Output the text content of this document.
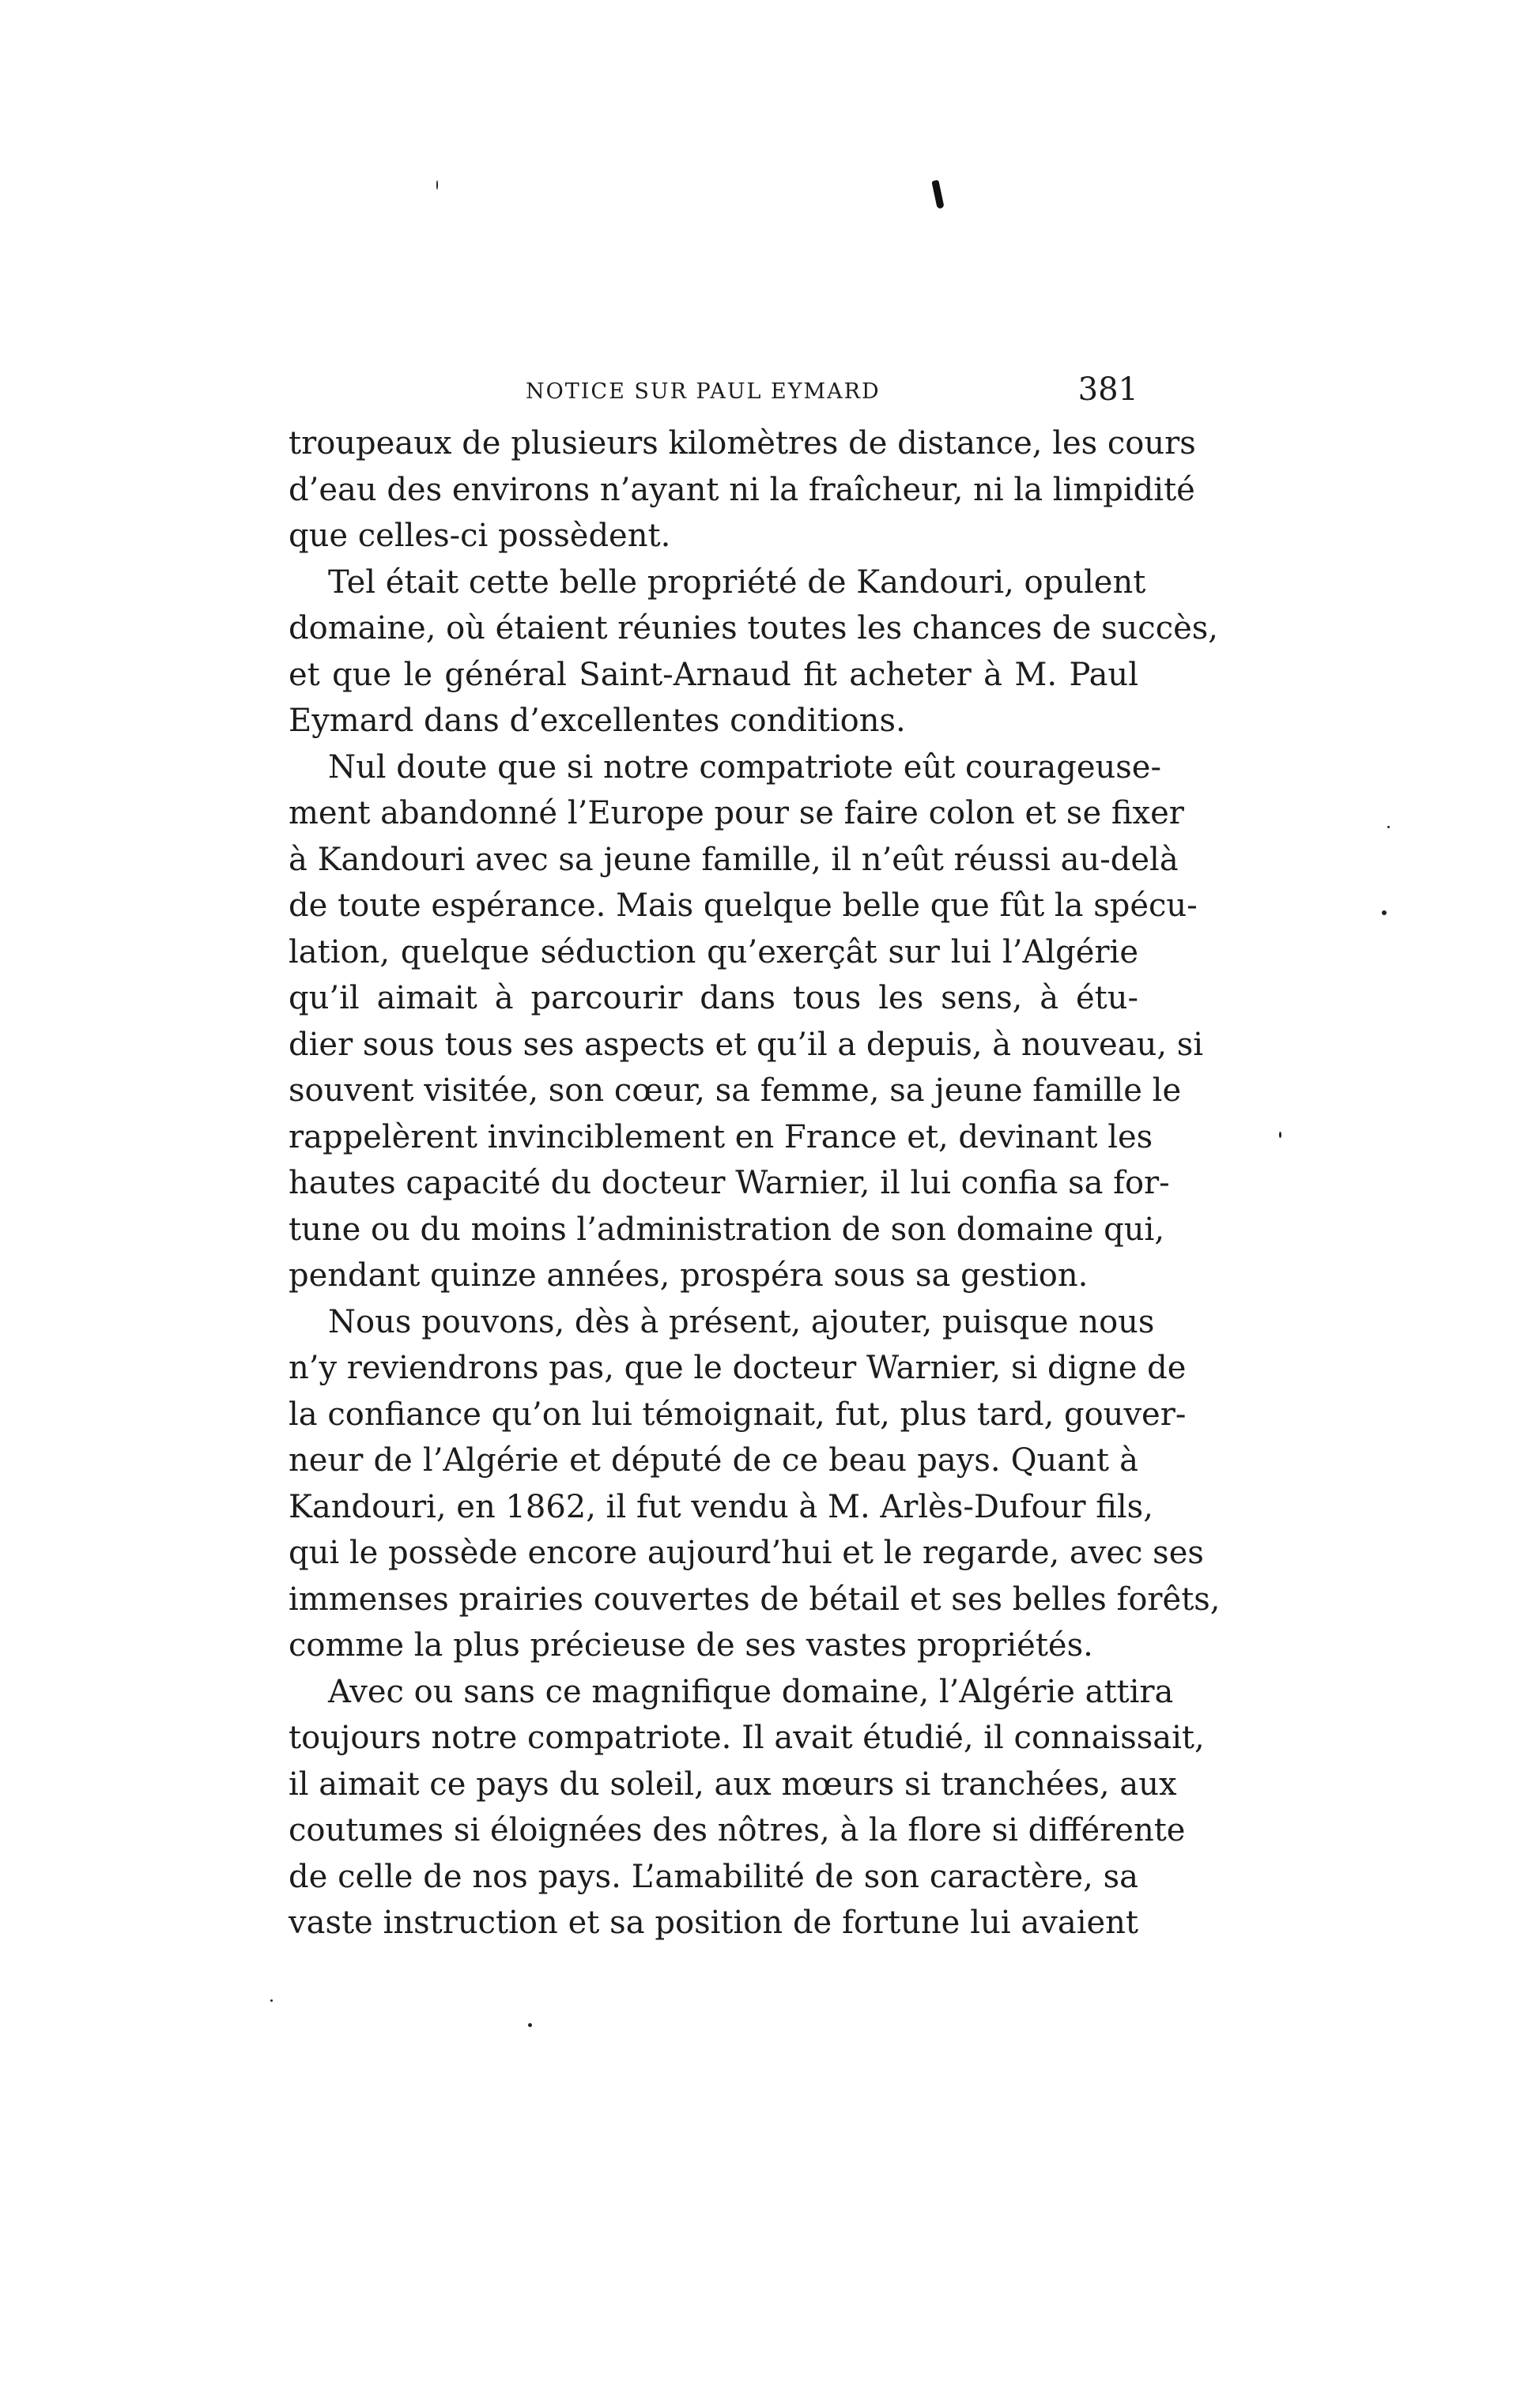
NOTICE SUR PAUL EYMARD	381
troupeaux de plusieurs kilomètres de distance, les cours
d’eau des environs n’ayant ni la fraîcheur, ni la limpidité
que celles-ci possèdent.
Tel était cette belle propriété de Kandouri, opulent
domaine, où étaient réunies toutes les chances de succès,
et que le général Saint-Arnaud fit acheter à M. Paul
Eymard dans d’excellentes conditions.
Nul doute que si notre compatriote eût courageuse-
ment abandonné l’Europe pour se faire colon et se fixer
à Kandouri avec sa jeune famille, il n’eût réussi au-delà
de toute espérance. Mais quelque belle que fût la spécu-
lation, quelque séduction qu’exerçât sur lui l’Algérie
qu’il aimait à parcourir dans tous les sens, à étu-
dier sous tous ses aspects et qu’il a depuis, à nouveau, si
souvent visitée, son cœur, sa femme, sa jeune famille le
rappelèrent invinciblement en France et, devinant les
hautes capacité du docteur Warnier, il lui confia sa for-
tune ou du moins l’administration de son domaine qui,
pendant quinze années, prospéra sous sa gestion.
Nous pouvons, dès à présent, ajouter, puisque nous
n’y reviendrons pas, que le docteur Warnier, si digne de
la confiance qu’on lui témoignait, fut, plus tard, gouver-
neur de l’Algérie et député de ce beau pays. Quant à
Kandouri, en 1862, il fut vendu à M. Arlès-Dufour fils,
qui le possède encore aujourd’hui et le regarde, avec ses
immenses prairies couvertes de bétail et ses belles forêts,
comme la plus précieuse de ses vastes propriétés.
Avec ou sans ce magnifique domaine, l’Algérie attira
toujours notre compatriote. Il avait étudié, il connaissait,
il aimait ce pays du soleil, aux mœurs si tranchées, aux
coutumes si éloignées des nôtres, à la flore si différente
de celle de nos pays. L’amabilité de son caractère, sa
vaste instruction et sa position de fortune lui avaient
